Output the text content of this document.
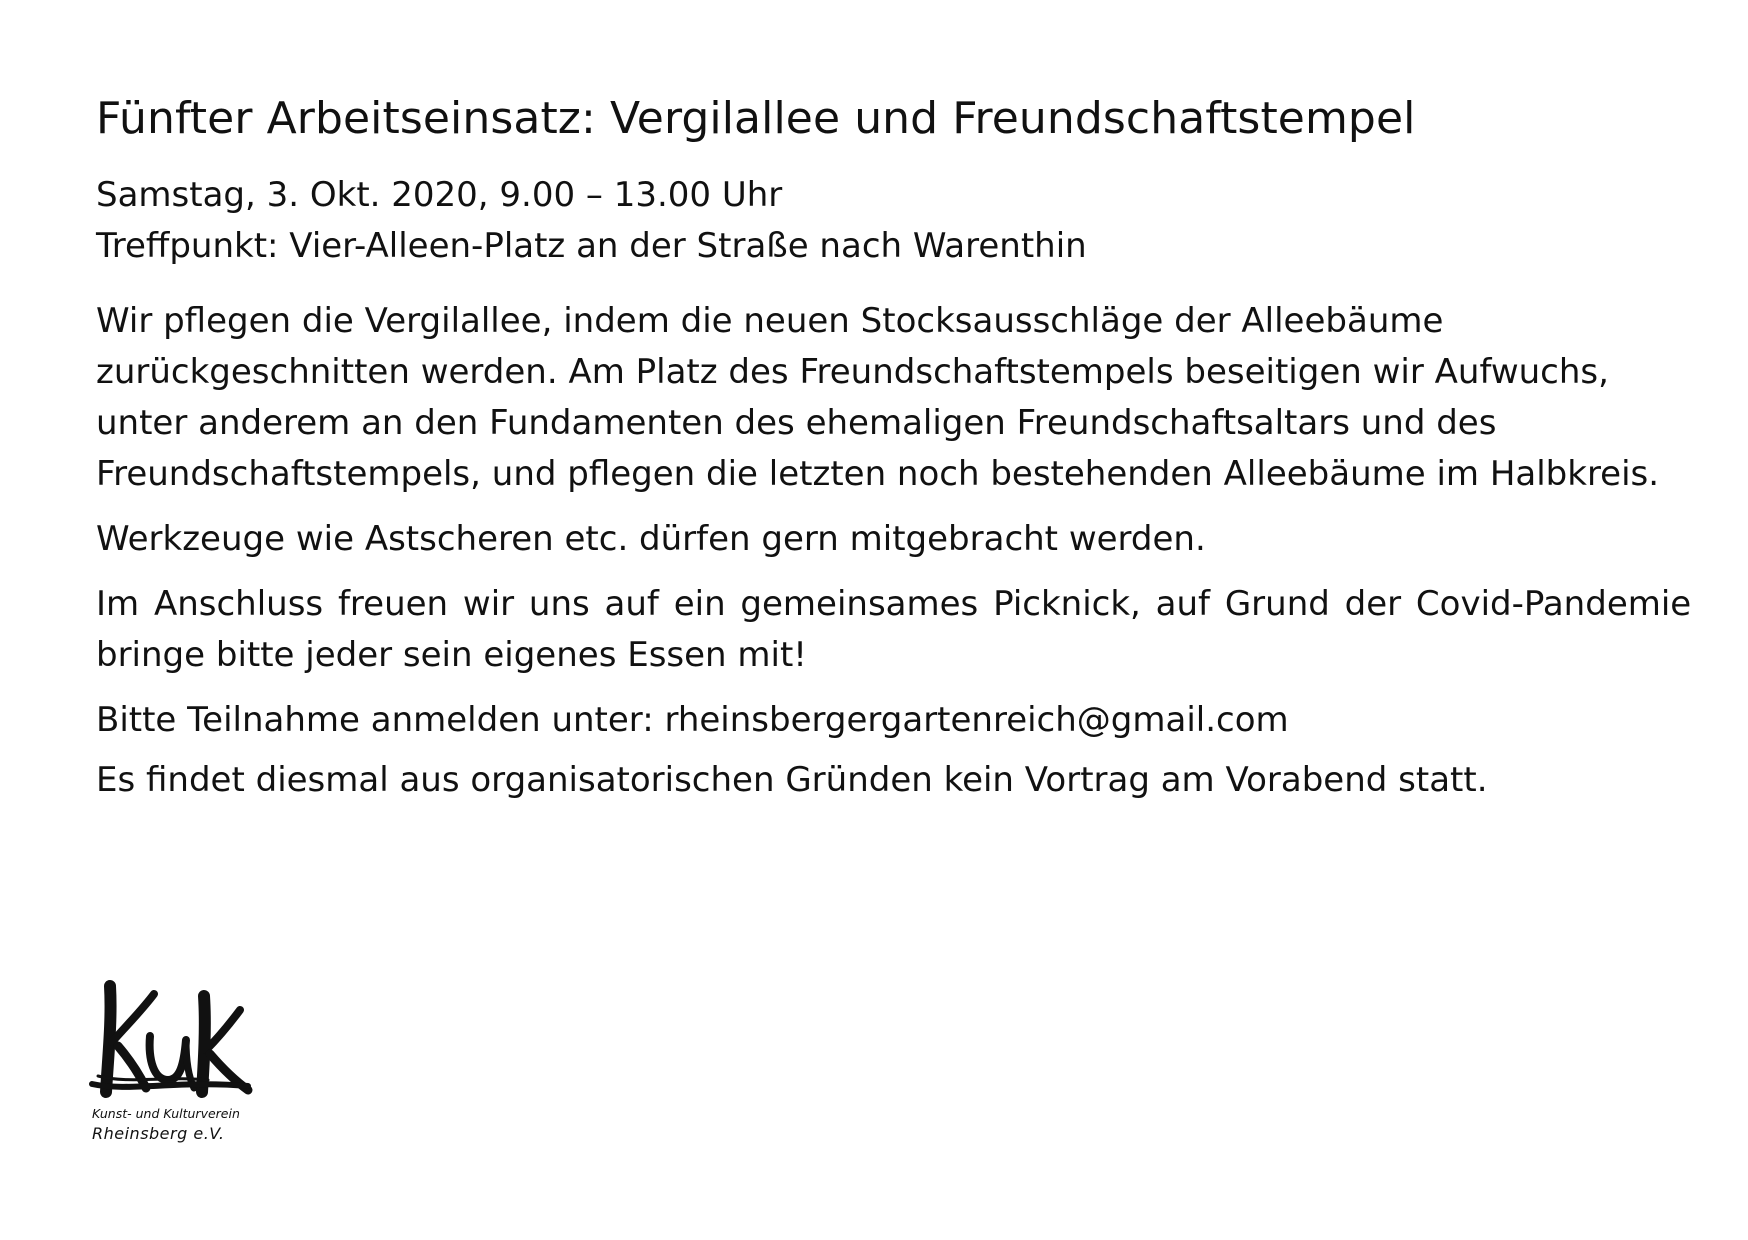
Fünfter Arbeitseinsatz: Vergilallee und Freundschaftstempel

Samstag, 3. Okt. 2020, 9.00 – 13.00 Uhr

Treffpunkt: Vier-Alleen-Platz an der Straße nach Warenthin

Wir pflegen die Vergilallee, indem die neuen Stocksausschläge der Alleebäume
zurückgeschnitten werden. Am Platz des Freundschaftstempels beseitigen wir Aufwuchs,
unter anderem an den Fundamenten des ehemaligen Freundschaftsaltars und des
Freundschaftstempels, und pflegen die letzten noch bestehenden Alleebäume im Halbkreis.

Werkzeuge wie Astscheren etc. dürfen gern mitgebracht werden.

Im Anschluss freuen wir uns auf ein gemeinsames Picknick, auf Grund der Covid-Pandemie
bringe bitte jeder sein eigenes Essen mit!

Bitte Teilnahme anmelden unter: rheinsbergergartenreich@gmail.com

Es findet diesmal aus organisatorischen Gründen kein Vortrag am Vorabend statt.

Kunst- und Kulturverein
Rheinsberg e.V.
